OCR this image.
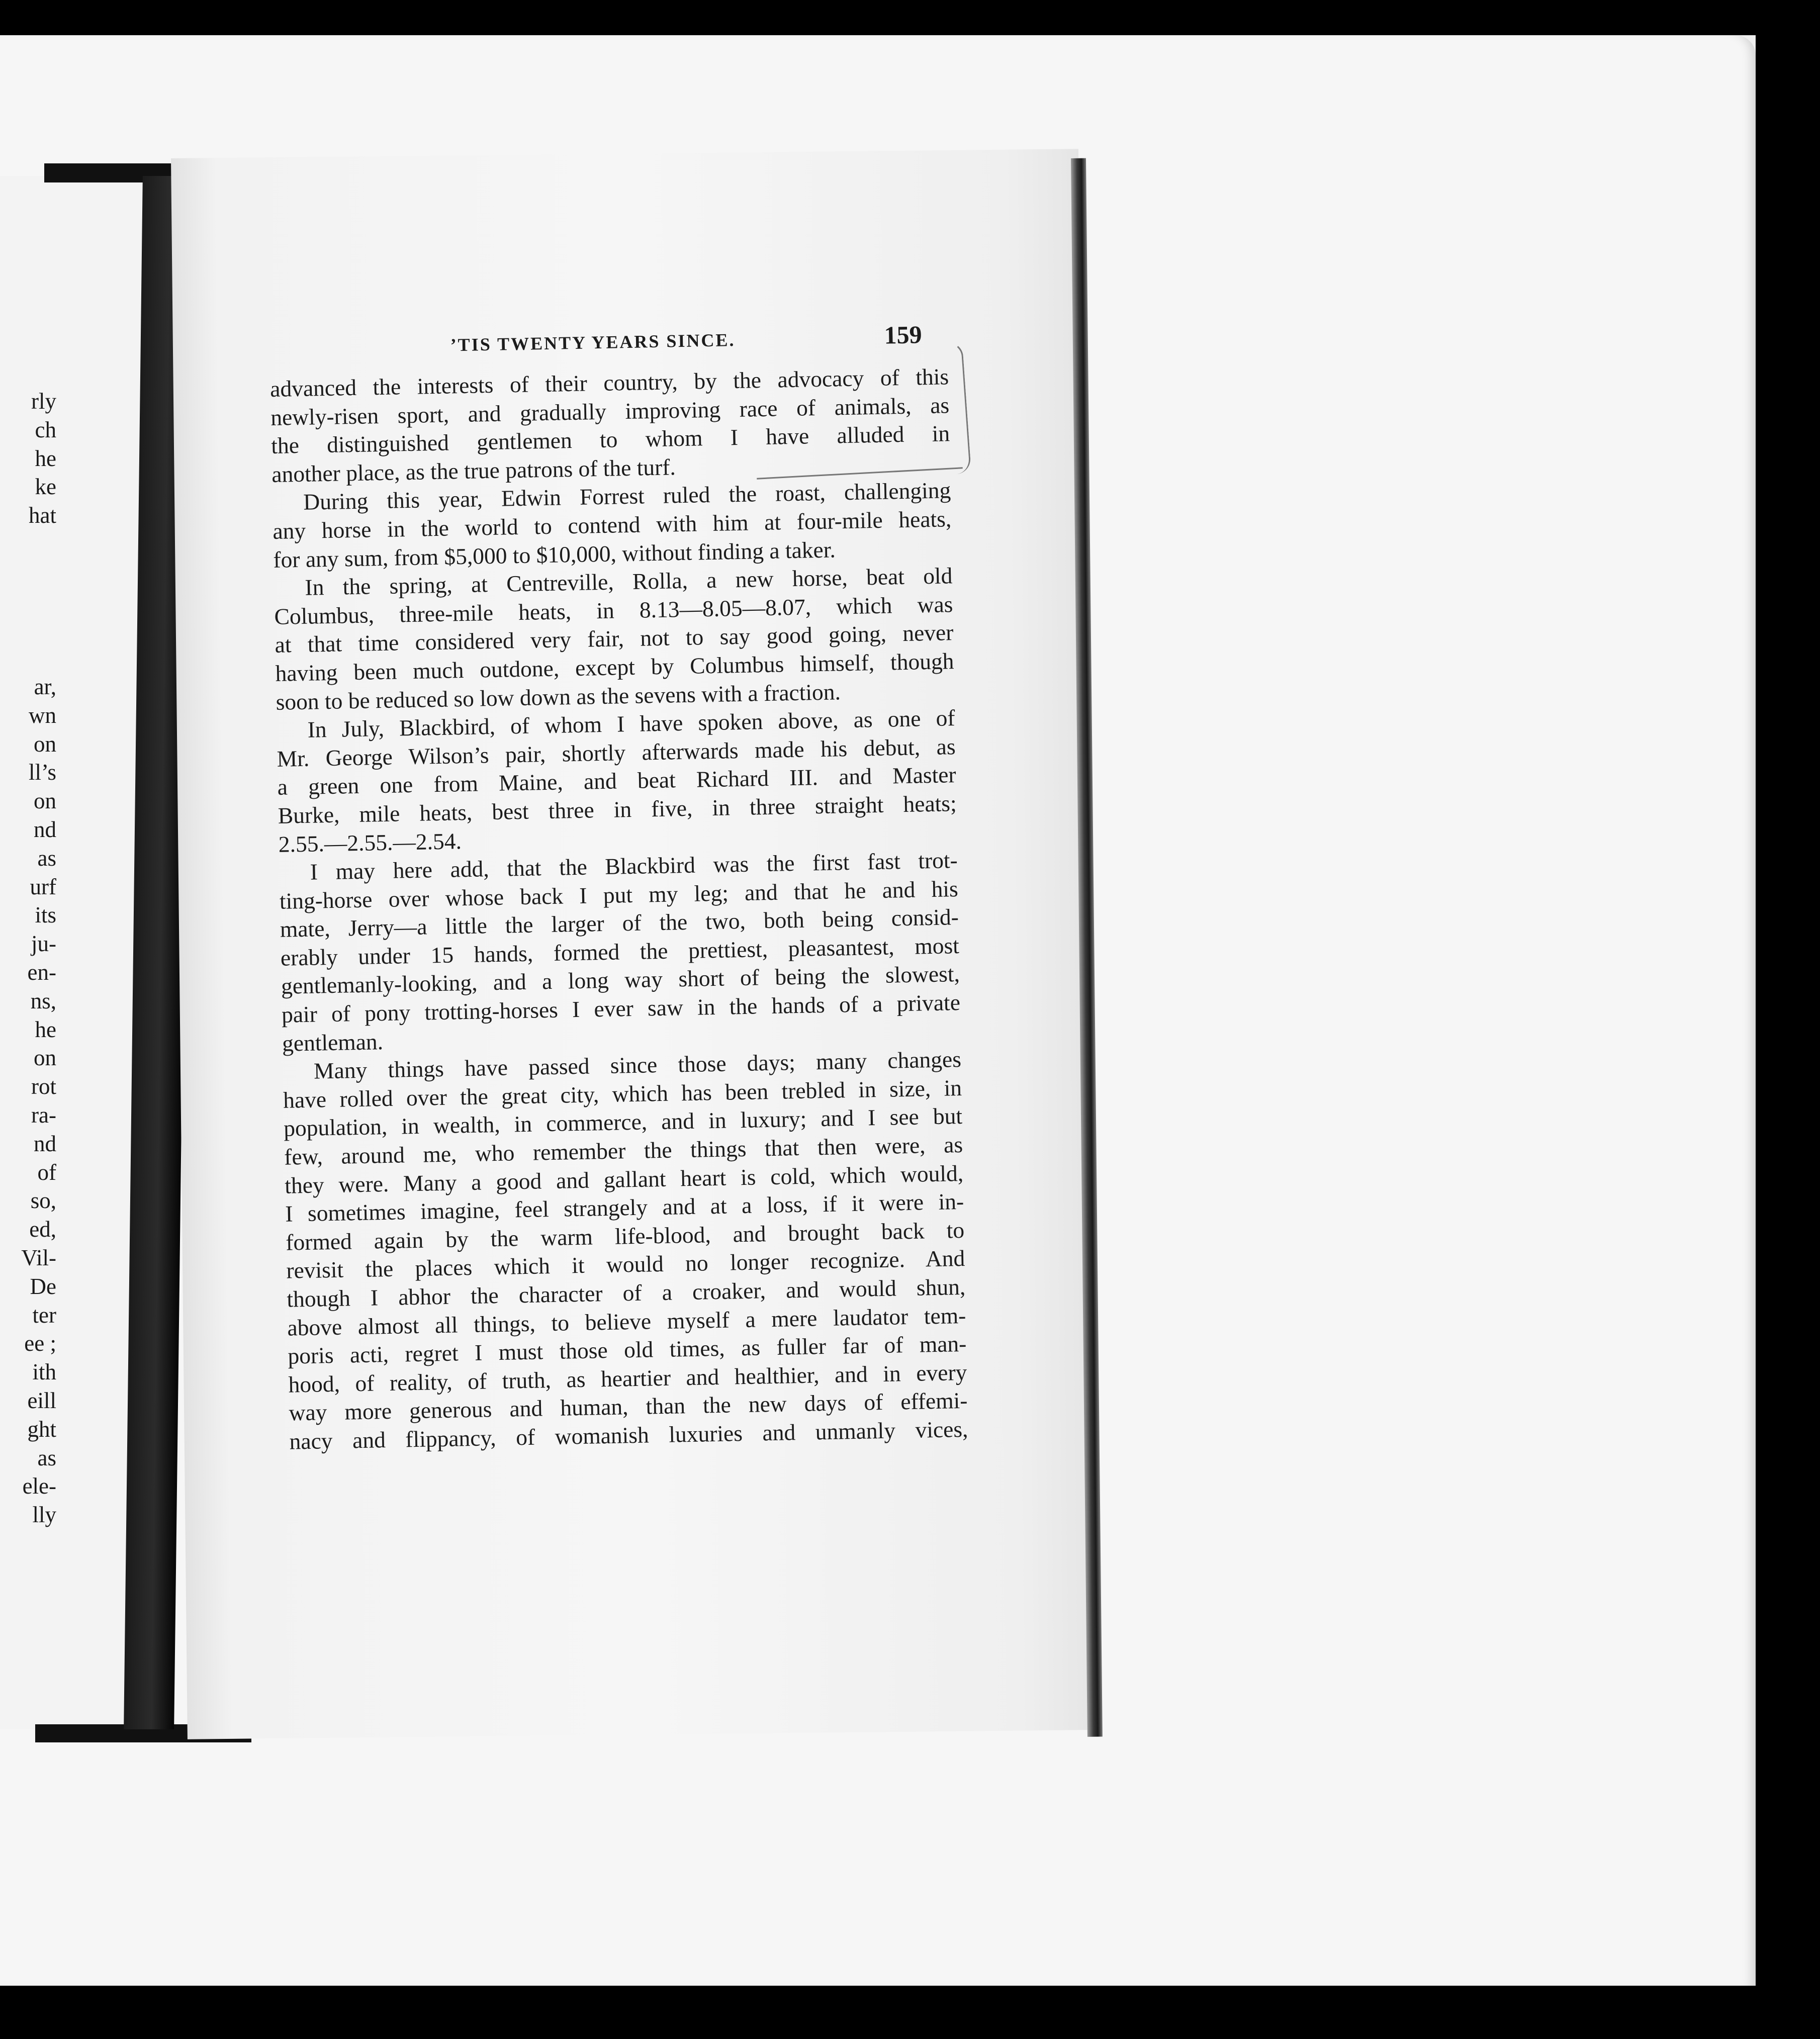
rly
ch
he
ke
hat
ar,
wn
on
ll’s
on
nd
as
urf
its
ju-
en-
ns,
he
on
rot
ra-
nd
of
so,
ed,
Vil-
De
ter
ee ;
ith
eill
ght
as
ele-
lly
’TIS TWENTY YEARS SINCE.	159
advanced the interests of their country, by the advocacy of this
newly-risen sport, and gradually improving race of animals, as
the distinguished gentlemen to whom I have alluded in
another place, as the true patrons of the turf.
During this year, Edwin Forrest ruled the roast, challenging
any horse in the world to contend with him at four-mile heats,
for any sum, from $5,000 to $10,000, without finding a taker.
In the spring, at Centreville, Rolla, a new horse, beat old
Columbus, three-mile heats, in 8.13—8.05—8.07, which was
at that time considered very fair, not to say good going, never
having been much outdone, except by Columbus himself, though
soon to be reduced so low down as the sevens with a fraction.
In July, Blackbird, of whom I have spoken above, as one of
Mr. George Wilson’s pair, shortly afterwards made his debut, as
a green one from Maine, and beat Richard III. and Master
Burke, mile heats, best three in five, in three straight heats;
2.55.—2.55.—2.54.
I may here add, that the Blackbird was the first fast trot-
ting-horse over whose back I put my leg; and that he and his
mate, Jerry—a little the larger of the two, both being consid-
erably under 15 hands, formed the prettiest, pleasantest, most
gentlemanly-looking, and a long way short of being the slowest,
pair of pony trotting-horses I ever saw in the hands of a private
gentleman.
Many things have passed since those days; many changes
have rolled over the great city, which has been trebled in size, in
population, in wealth, in commerce, and in luxury; and I see but
few, around me, who remember the things that then were, as
they were. Many a good and gallant heart is cold, which would,
I sometimes imagine, feel strangely and at a loss, if it were in-
formed again by the warm life-blood, and brought back to
revisit the places which it would no longer recognize. And
though I abhor the character of a croaker, and would shun,
above almost all things, to believe myself a mere laudator tem-
poris acti, regret I must those old times, as fuller far of man-
hood, of reality, of truth, as heartier and healthier, and in every
way more generous and human, than the new days of effemi-
nacy and flippancy, of womanish luxuries and unmanly vices,
